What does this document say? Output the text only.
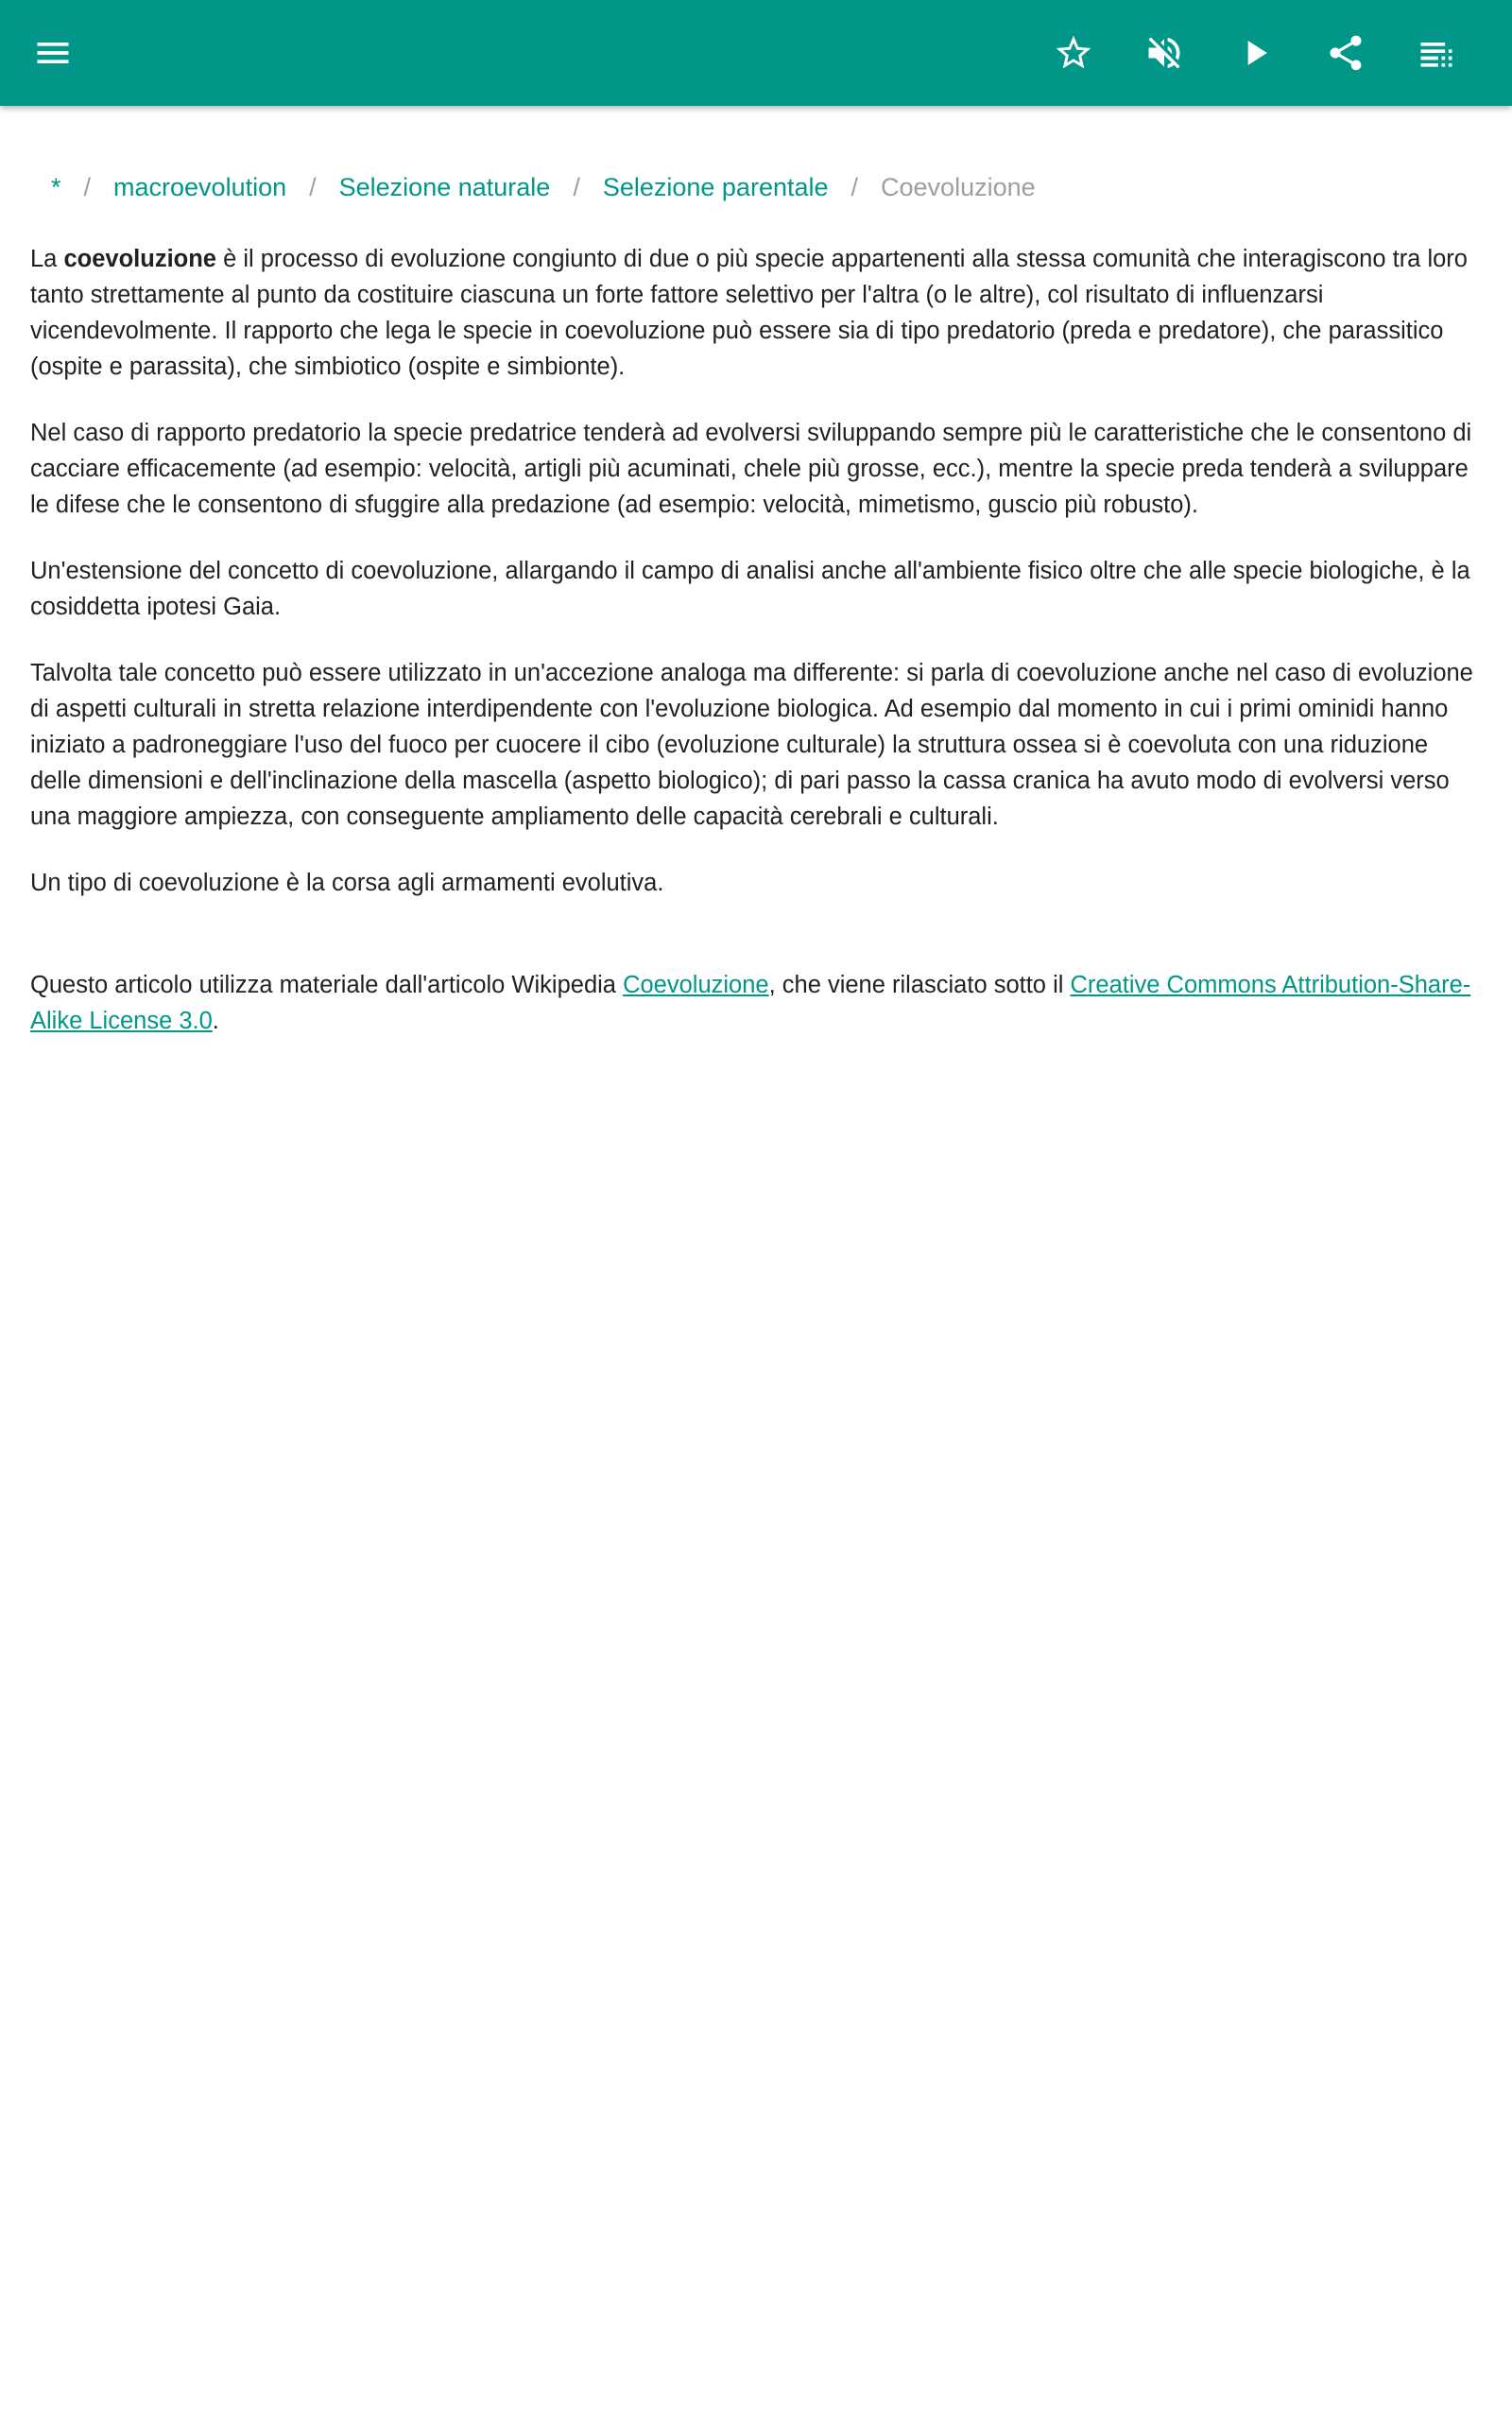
* / macroevolution / Selezione naturale / Selezione parentale / Coevoluzione

La coevoluzione è il processo di evoluzione congiunto di due o più specie appartenenti alla stessa comunità che interagiscono tra loro tanto strettamente al punto da costituire ciascuna un forte fattore selettivo per l'altra (o le altre), col risultato di influenzarsi vicendevolmente. Il rapporto che lega le specie in coevoluzione può essere sia di tipo predatorio (preda e predatore), che parassitico (ospite e parassita), che simbiotico (ospite e simbionte).

Nel caso di rapporto predatorio la specie predatrice tenderà ad evolversi sviluppando sempre più le caratteristiche che le consentono di cacciare efficacemente (ad esempio: velocità, artigli più acuminati, chele più grosse, ecc.), mentre la specie preda tenderà a sviluppare le difese che le consentono di sfuggire alla predazione (ad esempio: velocità, mimetismo, guscio più robusto).

Un'estensione del concetto di coevoluzione, allargando il campo di analisi anche all'ambiente fisico oltre che alle specie biologiche, è la cosiddetta ipotesi Gaia.

Talvolta tale concetto può essere utilizzato in un'accezione analoga ma differente: si parla di coevoluzione anche nel caso di evoluzione di aspetti culturali in stretta relazione interdipendente con l'evoluzione biologica. Ad esempio dal momento in cui i primi ominidi hanno iniziato a padroneggiare l'uso del fuoco per cuocere il cibo (evoluzione culturale) la struttura ossea si è coevoluta con una riduzione delle dimensioni e dell'inclinazione della mascella (aspetto biologico); di pari passo la cassa cranica ha avuto modo di evolversi verso una maggiore ampiezza, con conseguente ampliamento delle capacità cerebrali e culturali.

Un tipo di coevoluzione è la corsa agli armamenti evolutiva.

Questo articolo utilizza materiale dall'articolo Wikipedia Coevoluzione, che viene rilasciato sotto il Creative Commons Attribution-Share-Alike License 3.0.
